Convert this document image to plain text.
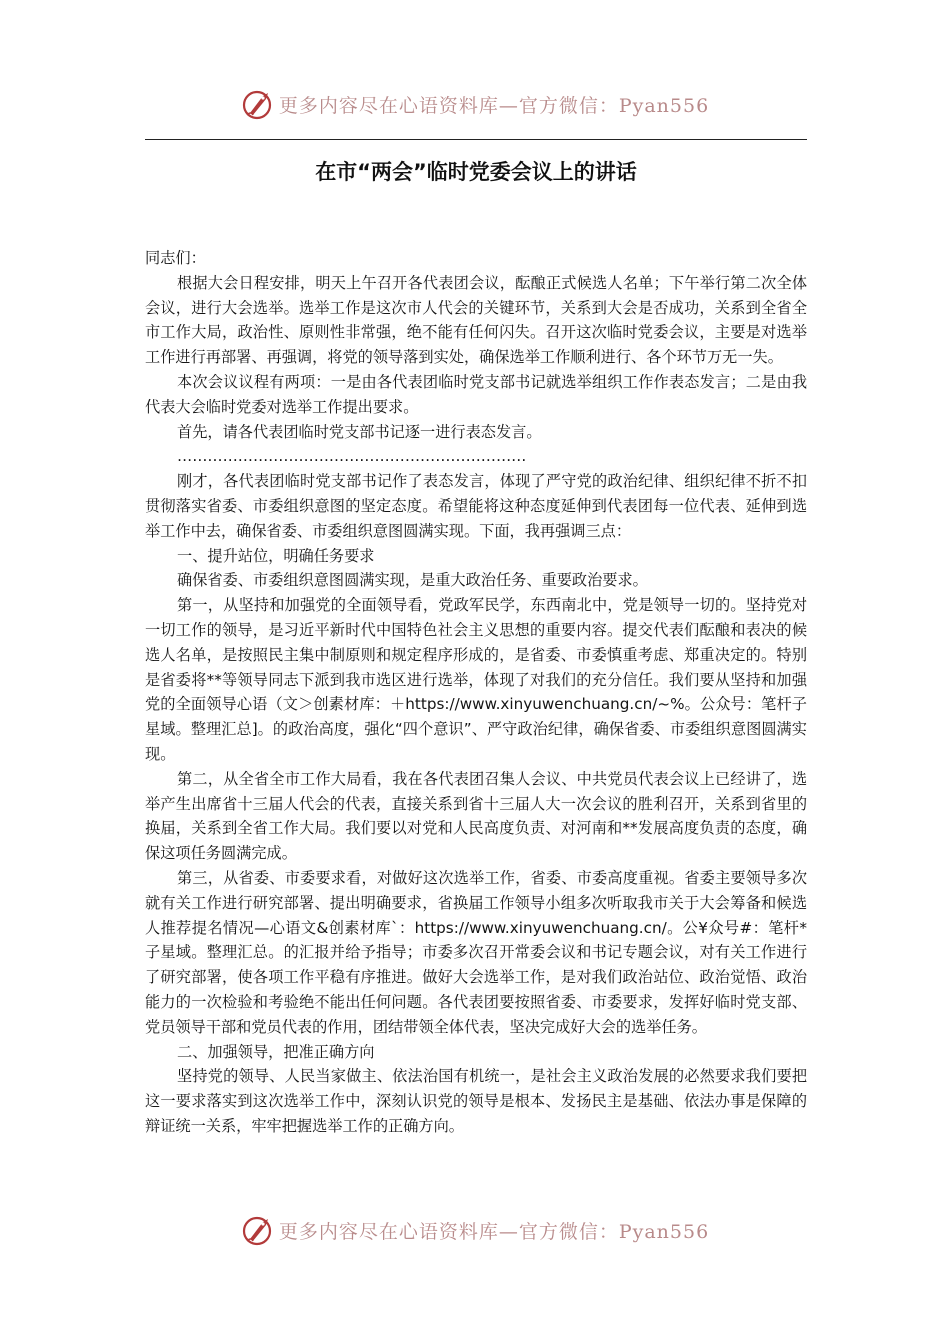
更多内容尽在心语资料库—官方微信：Pyan556
在市“两会”临时党委会议上的讲话

同志们：

根据大会日程安排，明天上午召开各代表团会议，酝酿正式候选人名单；下午举行第二次全体会议，进行大会选举。选举工作是这次市人代会的关键环节，关系到大会是否成功，关系到全省全市工作大局，政治性、原则性非常强，绝不能有任何闪失。召开这次临时党委会议，主要是对选举工作进行再部署、再强调，将党的领导落到实处，确保选举工作顺利进行、各个环节万无一失。

本次会议议程有两项：一是由各代表团临时党支部书记就选举组织工作作表态发言；二是由我代表大会临时党委对选举工作提出要求。

首先，请各代表团临时党支部书记逐一进行表态发言。

……………………………………………………………

刚才，各代表团临时党支部书记作了表态发言，体现了严守党的政治纪律、组织纪律不折不扣贯彻落实省委、市委组织意图的坚定态度。希望能将这种态度延伸到代表团每一位代表、延伸到选举工作中去，确保省委、市委组织意图圆满实现。下面，我再强调三点：

一、提升站位，明确任务要求

确保省委、市委组织意图圆满实现，是重大政治任务、重要政治要求。

第一，从坚持和加强党的全面领导看，党政军民学，东西南北中，党是领导一切的。坚持党对一切工作的领导，是习近平新时代中国特色社会主义思想的重要内容。提交代表们酝酿和表决的候选人名单，是按照民主集中制原则和规定程序形成的，是省委、市委慎重考虑、郑重决定的。特别是省委将**等领导同志下派到我市选区进行选举，体现了对我们的充分信任。我们要从坚持和加强党的全面领导心语（文＞创素材库：＋https://www.xinyuwenchuang.cn/~%。公众号：笔杆子星域。整理汇总]。的政治高度，强化“四个意识”、严守政治纪律，确保省委、市委组织意图圆满实现。

第二，从全省全市工作大局看，我在各代表团召集人会议、中共党员代表会议上已经讲了，选举产生出席省十三届人代会的代表，直接关系到省十三届人大一次会议的胜利召开，关系到省里的换届，关系到全省工作大局。我们要以对党和人民高度负责、对河南和**发展高度负责的态度，确保这项任务圆满完成。

第三，从省委、市委要求看，对做好这次选举工作，省委、市委高度重视。省委主要领导多次就有关工作进行研究部署、提出明确要求，省换届工作领导小组多次听取我市关于大会筹备和候选人推荐提名情况—心语文&创素材库`：https://www.xinyuwenchuang.cn/。公¥众号#：笔杆*子星域。整理汇总。的汇报并给予指导；市委多次召开常委会议和书记专题会议，对有关工作进行了研究部署，使各项工作平稳有序推进。做好大会选举工作，是对我们政治站位、政治觉悟、政治能力的一次检验和考验绝不能出任何问题。各代表团要按照省委、市委要求，发挥好临时党支部、党员领导干部和党员代表的作用，团结带领全体代表，坚决完成好大会的选举任务。

二、加强领导，把准正确方向

坚持党的领导、人民当家做主、依法治国有机统一，是社会主义政治发展的必然要求我们要把这一要求落实到这次选举工作中，深刻认识党的领导是根本、发扬民主是基础、依法办事是保障的辩证统一关系，牢牢把握选举工作的正确方向。

更多内容尽在心语资料库—官方微信：Pyan556
